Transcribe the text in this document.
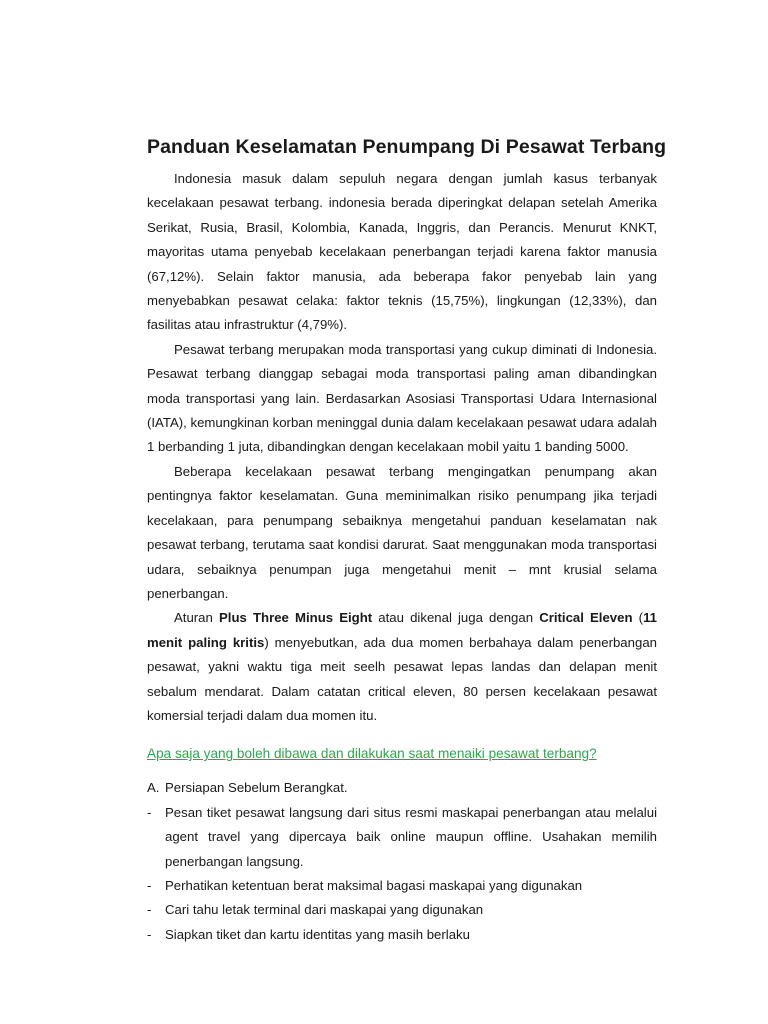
Panduan Keselamatan Penumpang Di Pesawat Terbang

Indonesia masuk dalam sepuluh negara dengan jumlah kasus terbanyak kecelakaan pesawat terbang. indonesia berada diperingkat delapan setelah Amerika Serikat, Rusia, Brasil, Kolombia, Kanada, Inggris, dan Perancis. Menurut KNKT, mayoritas utama penyebab kecelakaan penerbangan terjadi karena faktor manusia (67,12%). Selain faktor manusia, ada beberapa fakor penyebab lain yang menyebabkan pesawat celaka: faktor teknis (15,75%), lingkungan (12,33%), dan fasilitas atau infrastruktur (4,79%).

Pesawat terbang merupakan moda transportasi yang cukup diminati di Indonesia. Pesawat terbang dianggap sebagai moda transportasi paling aman dibandingkan moda transportasi yang lain. Berdasarkan Asosiasi Transportasi Udara Internasional (IATA), kemungkinan korban meninggal dunia dalam kecelakaan pesawat udara adalah 1 berbanding 1 juta, dibandingkan dengan kecelakaan mobil yaitu 1 banding 5000.

Beberapa kecelakaan pesawat terbang mengingatkan penumpang akan pentingnya faktor keselamatan. Guna meminimalkan risiko penumpang jika terjadi kecelakaan, para penumpang sebaiknya mengetahui panduan keselamatan nak pesawat terbang, terutama saat kondisi darurat. Saat menggunakan moda transportasi udara, sebaiknya penumpan juga mengetahui menit – mnt krusial selama penerbangan.

Aturan Plus Three Minus Eight atau dikenal juga dengan Critical Eleven (11 menit paling kritis) menyebutkan, ada dua momen berbahaya dalam penerbangan pesawat, yakni waktu tiga meit seelh pesawat lepas landas dan delapan menit sebalum mendarat. Dalam catatan critical eleven, 80 persen kecelakaan pesawat komersial terjadi dalam dua momen itu.

Apa saja yang boleh dibawa dan dilakukan saat menaiki pesawat terbang?
A. Persiapan Sebelum Berangkat.
-	Pesan tiket pesawat langsung dari situs resmi maskapai penerbangan atau melalui agent travel yang dipercaya baik online maupun offline. Usahakan memilih penerbangan langsung.
-	Perhatikan ketentuan berat maksimal bagasi maskapai yang digunakan
-	Cari tahu letak terminal dari maskapai yang digunakan
-	Siapkan tiket dan kartu identitas yang masih berlaku
